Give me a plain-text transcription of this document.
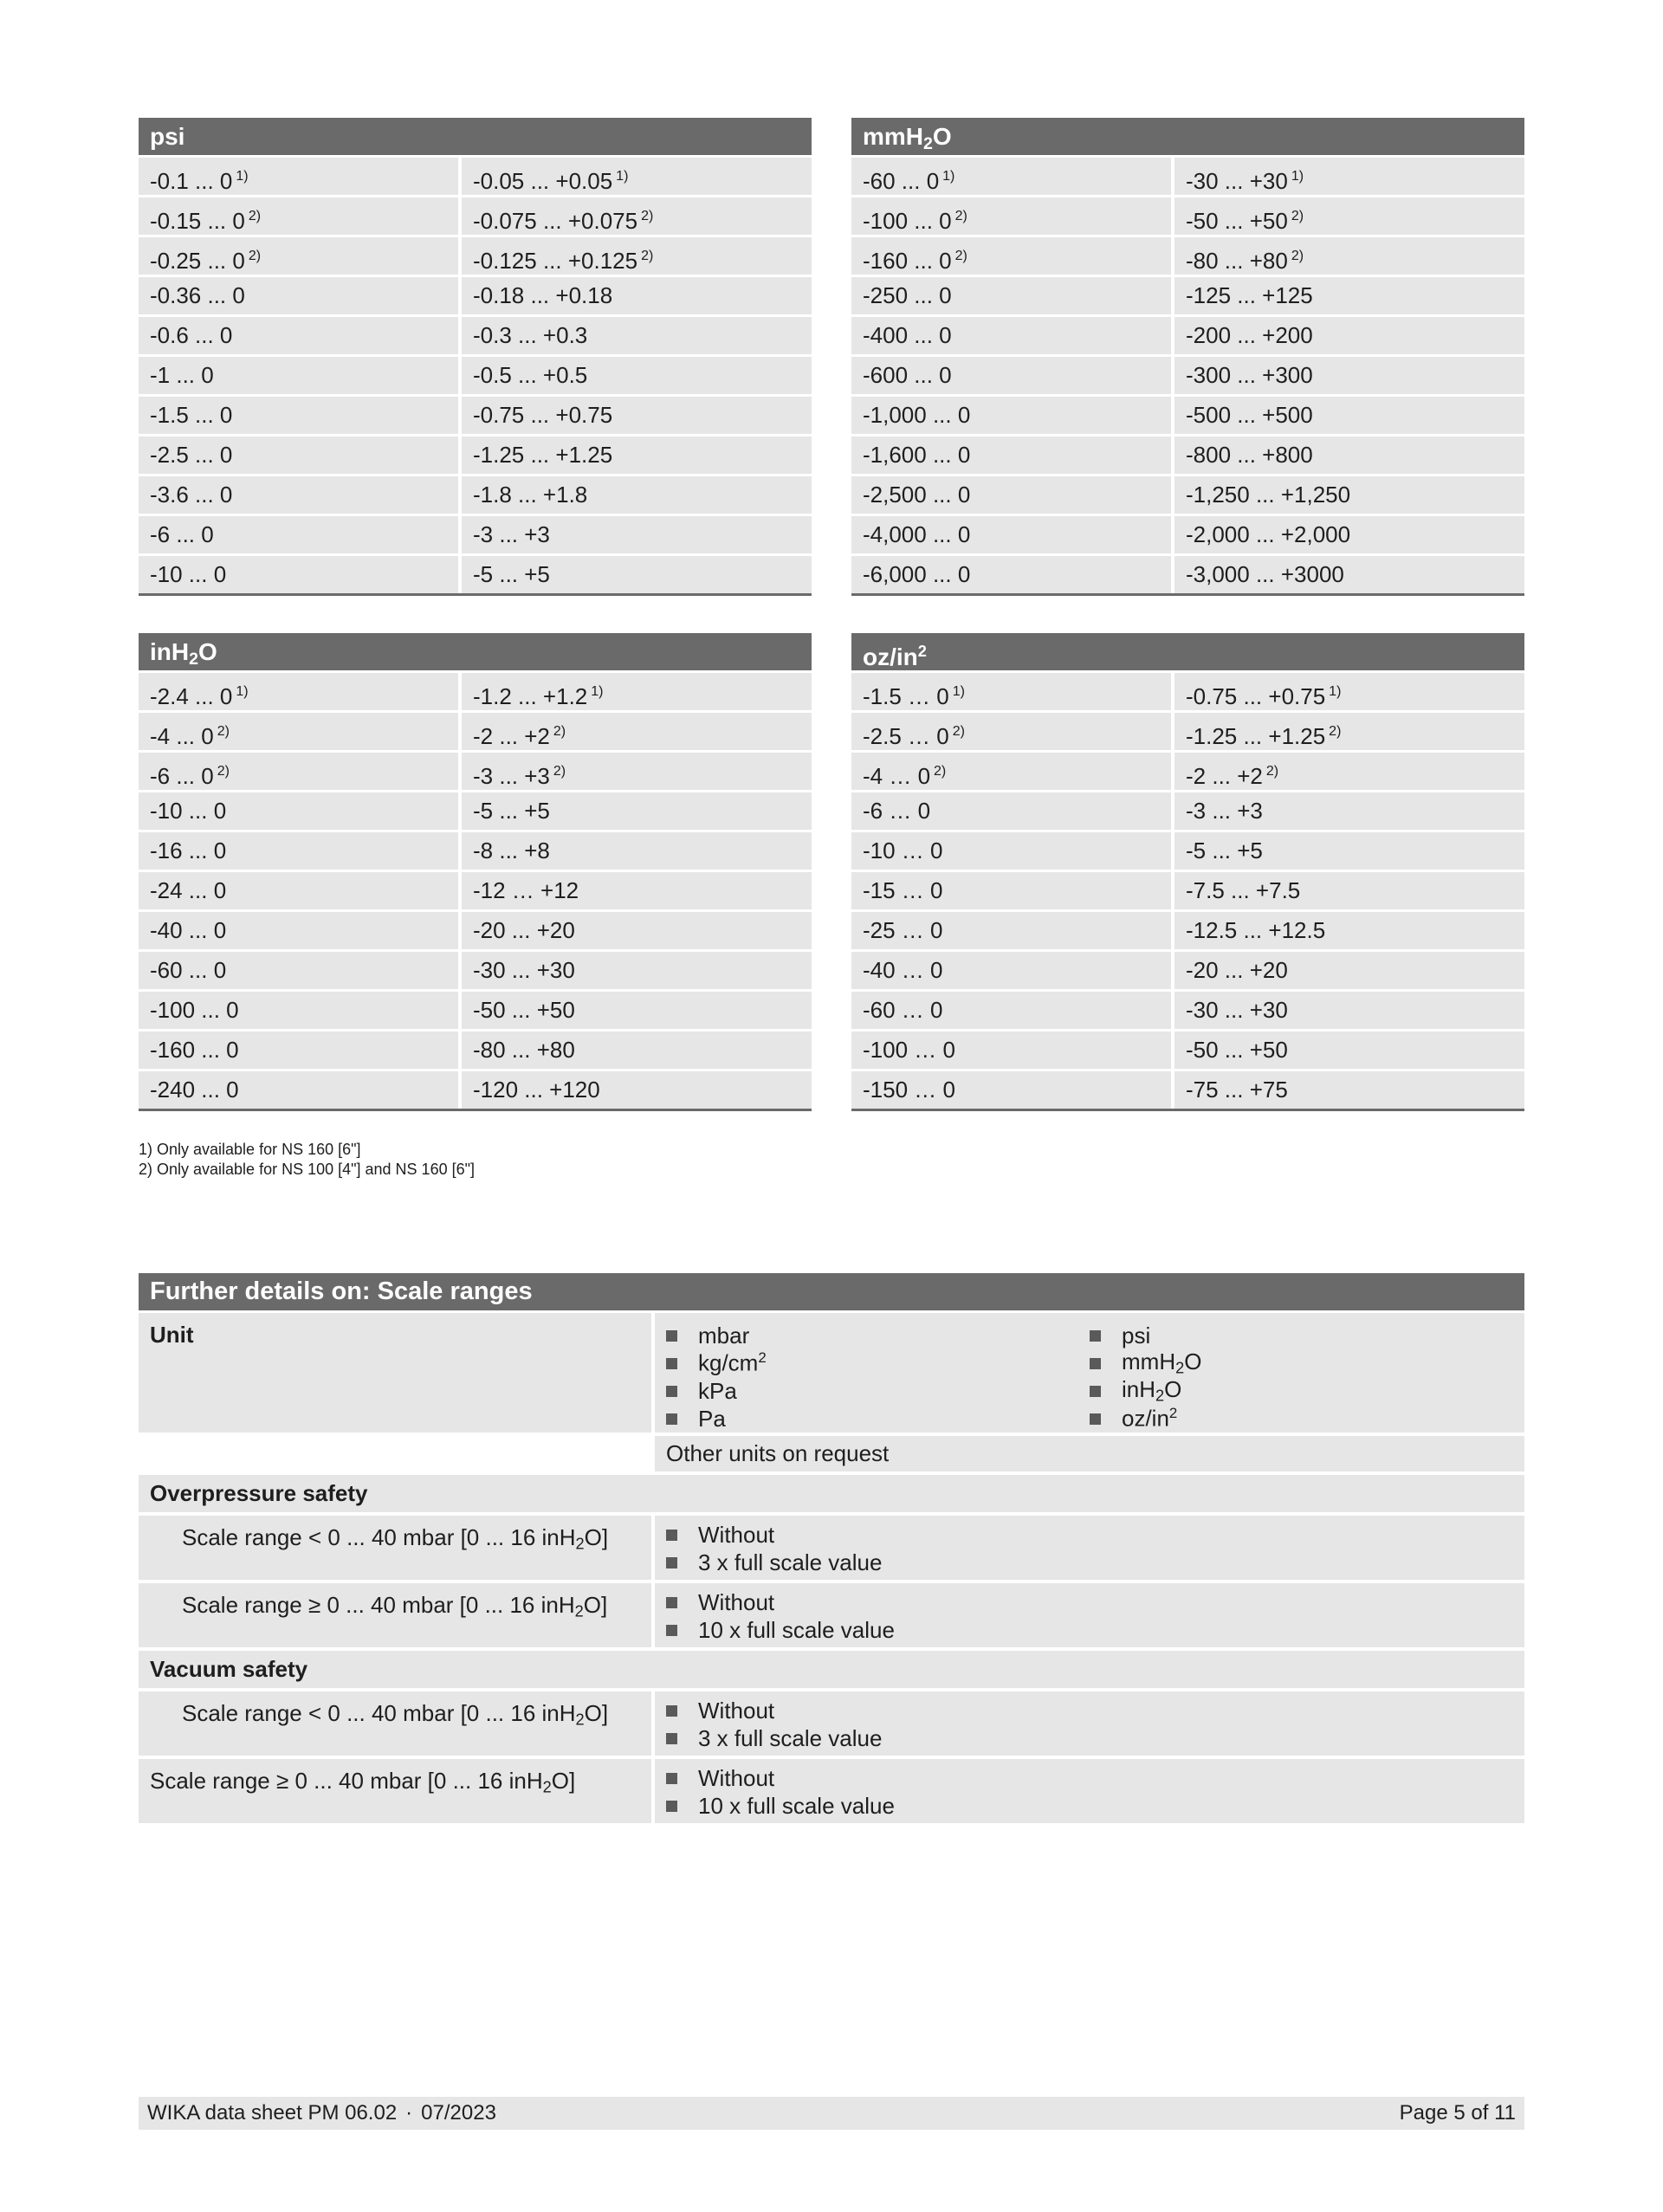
psi
-0.1 ... 0 $^{1)}$	-0.05 ... +0.05 $^{1)}$
-0.15 ... 0 $^{2)}$	-0.075 ... +0.075 $^{2)}$
-0.25 ... 0 $^{2)}$	-0.125 ... +0.125 $^{2)}$
-0.36 ... 0	-0.18 ... +0.18
-0.6 ... 0	-0.3 ... +0.3
-1 ... 0	-0.5 ... +0.5
-1.5 ... 0	-0.75 ... +0.75
-2.5 ... 0	-1.25 ... +1.25
-3.6 ... 0	-1.8 ... +1.8
-6 ... 0	-3 ... +3
-10 ... 0	-5 ... +5
mmH$_2$O
-60 ... 0 $^{1)}$	-30 ... +30 $^{1)}$
-100 ... 0 $^{2)}$	-50 ... +50 $^{2)}$
-160 ... 0 $^{2)}$	-80 ... +80 $^{2)}$
-250 ... 0	-125 ... +125
-400 ... 0	-200 ... +200
-600 ... 0	-300 ... +300
-1,000 ... 0	-500 ... +500
-1,600 ... 0	-800 ... +800
-2,500 ... 0	-1,250 ... +1,250
-4,000 ... 0	-2,000 ... +2,000
-6,000 ... 0	-3,000 ... +3000
inH$_2$O
-2.4 ... 0 $^{1)}$	-1.2 ... +1.2 $^{1)}$
-4 ... 0 $^{2)}$	-2 ... +2 $^{2)}$
-6 ... 0 $^{2)}$	-3 ... +3 $^{2)}$
-10 ... 0	-5 ... +5
-16 ... 0	-8 ... +8
-24 ... 0	-12 … +12
-40 ... 0	-20 ... +20
-60 ... 0	-30 ... +30
-100 ... 0	-50 ... +50
-160 ... 0	-80 ... +80
-240 ... 0	-120 ... +120
$oz/in^2$
-1.5 … 0 $^{1)}$	-0.75 ... +0.75 $^{1)}$
-2.5 … 0 $^{2)}$	-1.25 ... +1.25 $^{2)}$
-4 … 0 $^{2)}$	-2 ... +2 $^{2)}$
-6 … 0	-3 ... +3
-10 … 0	-5 ... +5
-15 … 0	-7.5 ... +7.5
-25 … 0	-12.5 ... +12.5
-40 … 0	-20 ... +20
-60 … 0	-30 ... +30
-100 … 0	-50 ... +50
-150 … 0	-75 ... +75
1) Only available for NS 160 [6"]
2) Only available for NS 100 [4"] and NS 160 [6"]
Further details on: Scale ranges
Unit	mbar
$kg/cm^2$
kPa
Pa
psi
mmH$_2$O
inH$_2$O
$oz/in^2$
Other units on request
Overpressure safety
Scale range < 0 ... 40 mbar [0 ... 16 inH$_2$O]	Without
3 x full scale value
Scale range ≥ 0 ... 40 mbar [0 ... 16 inH$_2$O]	Without
10 x full scale value
Vacuum safety
Scale range < 0 ... 40 mbar [0 ... 16 inH$_2$O]	Without
3 x full scale value
Scale range ≥ 0 ... 40 mbar [0 ... 16 inH$_2$O]	Without
10 x full scale value
WIKA data sheet PM 06.02 · 07/2023	Page 5 of 11
